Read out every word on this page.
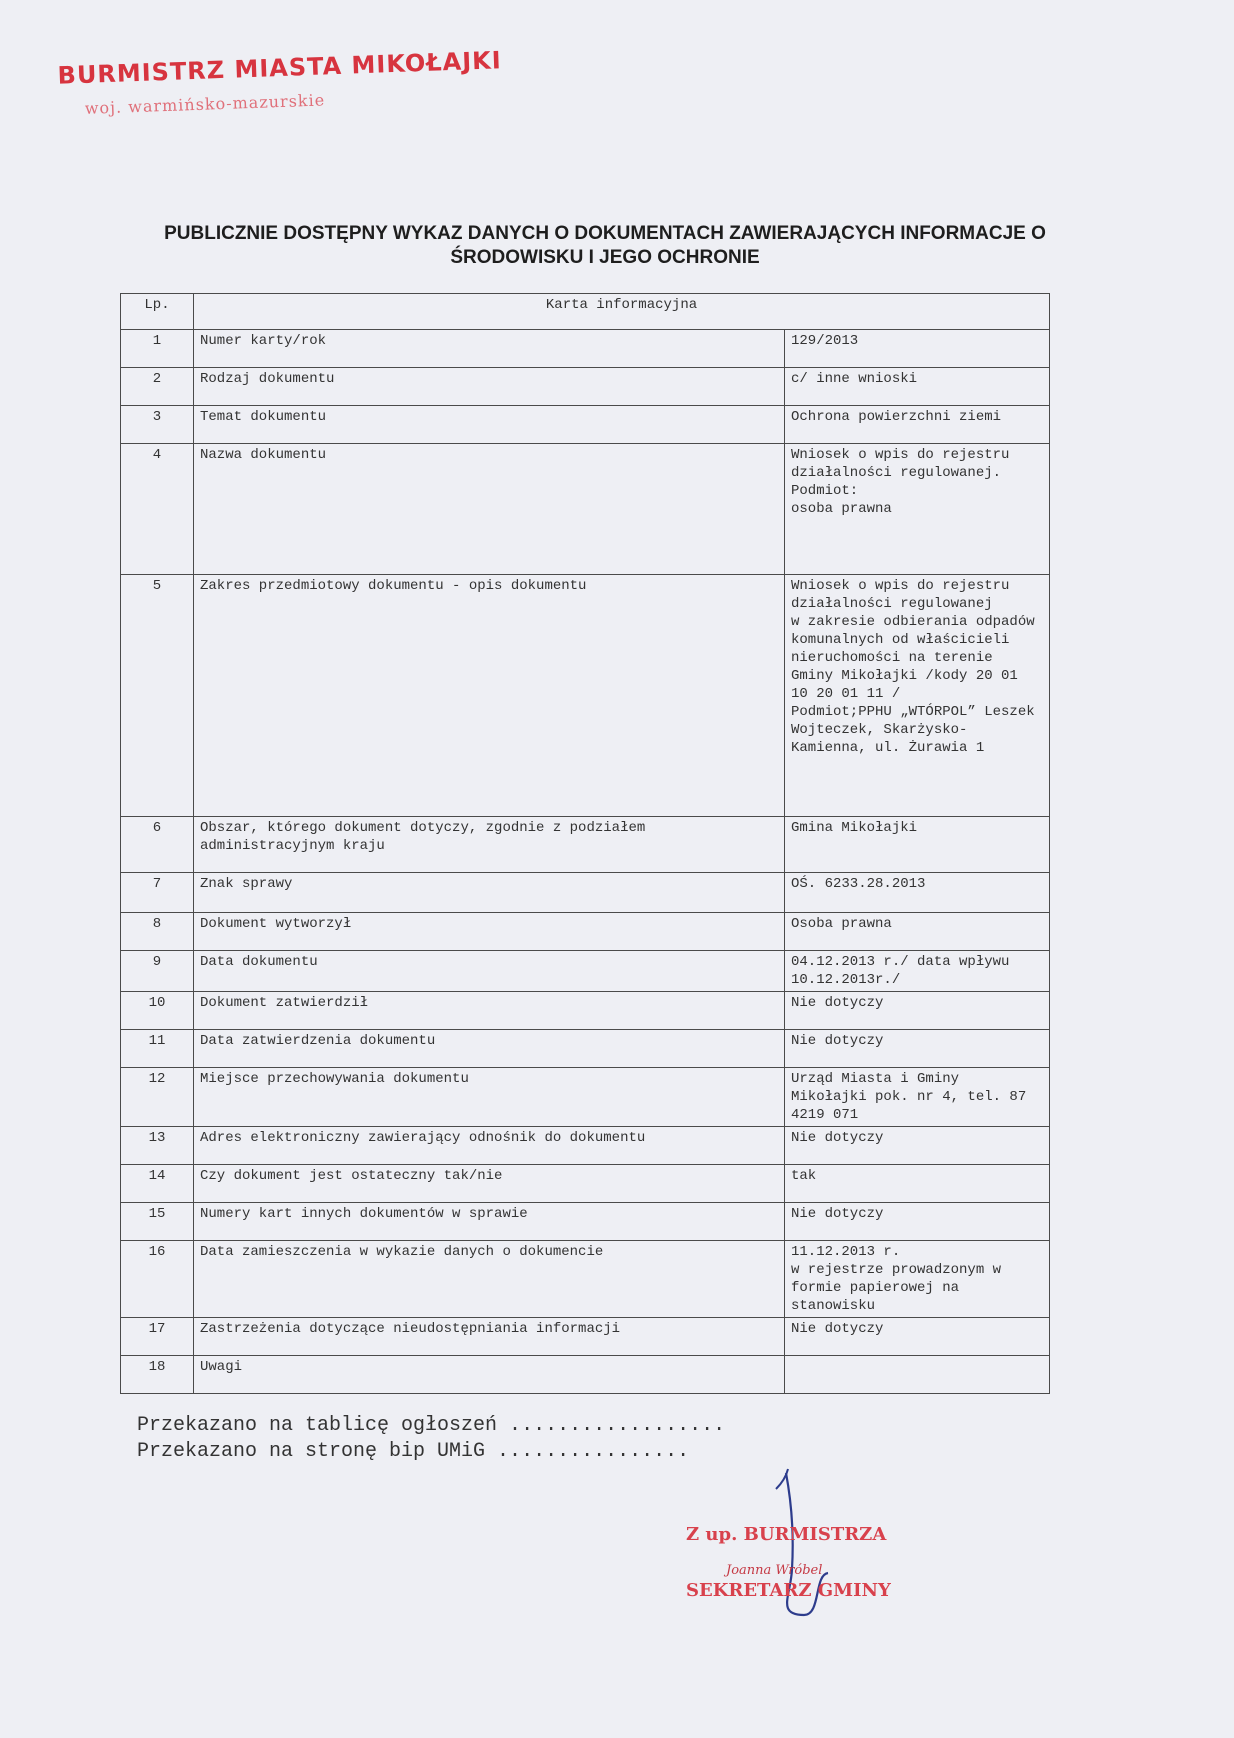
BURMISTRZ MIASTA MIKOŁAJKI
woj. warmińsko-mazurskie
PUBLICZNIE DOSTĘPNY WYKAZ DANYCH O DOKUMENTACH ZAWIERAJĄCYCH INFORMACJE O
ŚRODOWISKU I JEGO OCHRONIE
Lp.	Karta informacyjna	
1	Numer karty/rok	129/2013
2	Rodzaj dokumentu	c/ inne wnioski
3	Temat dokumentu	Ochrona powierzchni ziemi
4	Nazwa dokumentu	Wniosek o wpis do rejestru działalności regulowanej.
Podmiot:
osoba prawna
5	Zakres przedmiotowy dokumentu - opis dokumentu	Wniosek o wpis do rejestru działalności regulowanej
w zakresie odbierania odpadów komunalnych od właścicieli nieruchomości na terenie Gminy Mikołajki /kody 20 01 10 20 01 11 /
Podmiot;PPHU „WTÓRPOL” Leszek Wojteczek, Skarżysko-Kamienna, ul. Żurawia 1
6	Obszar, którego dokument dotyczy, zgodnie z podziałem administracyjnym kraju	Gmina Mikołajki
7	Znak sprawy	OŚ. 6233.28.2013
8	Dokument wytworzył	Osoba prawna
9	Data dokumentu	04.12.2013 r./ data wpływu 10.12.2013r./
10	Dokument zatwierdził	Nie dotyczy
11	Data zatwierdzenia dokumentu	Nie dotyczy
12	Miejsce przechowywania dokumentu	Urząd Miasta i Gminy Mikołajki pok. nr 4, tel. 87 4219 071
13	Adres elektroniczny zawierający odnośnik do dokumentu	Nie dotyczy
14	Czy dokument jest ostateczny tak/nie	tak
15	Numery kart innych dokumentów w sprawie	Nie dotyczy
16	Data zamieszczenia w wykazie danych o dokumencie	11.12.2013 r.
w rejestrze prowadzonym w formie papierowej na stanowisku
17	Zastrzeżenia dotyczące nieudostępniania informacji	Nie dotyczy
18	Uwagi	
Przekazano na tablicę ogłoszeń ..................
Przekazano na stronę bip UMiG ................
Z up. BURMISTRZA
Joanna Wróbel
SEKRETARZ GMINY
